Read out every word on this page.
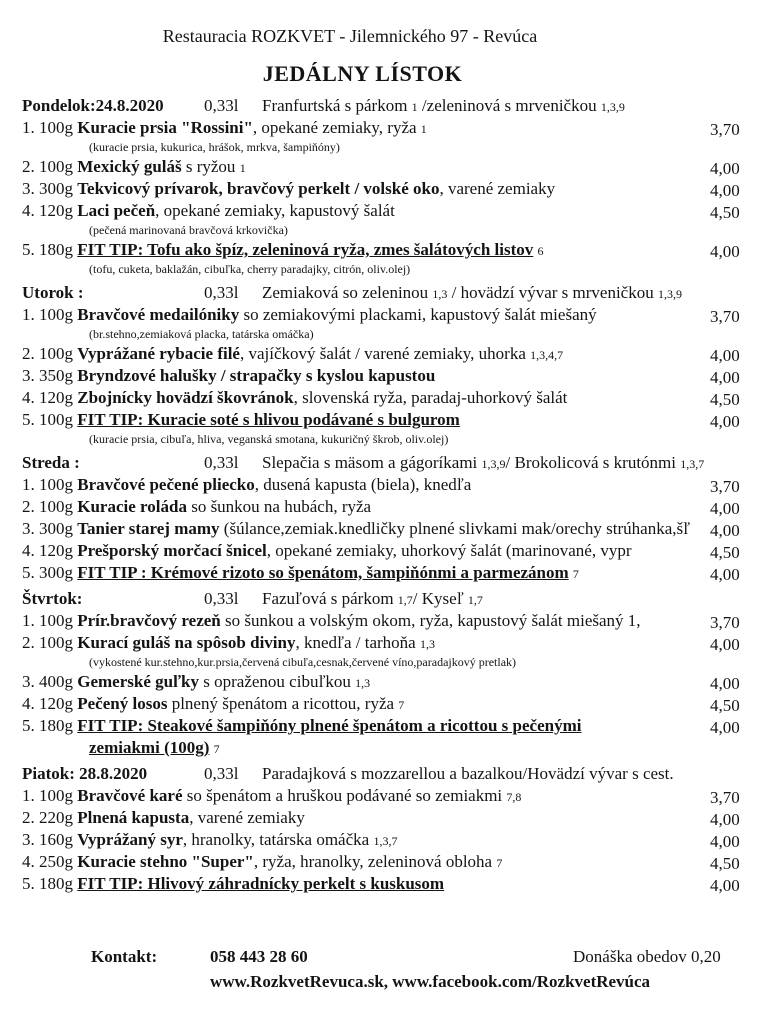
Restauracia ROZKVET - Jilemnického 97 - Revúca
JEDÁLNY LÍSTOK
Pondelok:24.8.2020 0,33l Franfurtská s párkom 1 /zeleninová s mrveničkou 1,3,9
1. 100g Kuracie prsia "Rossini", opekané zemiaky, ryža 1	3,70
(kuracie prsia, kukurica, hrášok, mrkva, šampiňóny)
2. 100g Mexický guláš s ryžou 1	4,00
3. 300g Tekvicový prívarok, bravčový perkelt / volské oko, varené zemiaky	4,00
4. 120g Laci pečeň, opekané zemiaky, kapustový šalát	4,50
(pečená marinovaná bravčová krkovička)
5. 180g FIT TIP: Tofu ako špíz, zeleninová ryža, zmes šalátových listov 6	4,00
(tofu, cuketa, baklažán, cibuľka, cherry paradajky, citrón, oliv.olej)
Utorok :	0,33l Zemiaková so zeleninou 1,3 / hovädzí vývar s mrveničkou 1,3,9
1. 100g Bravčové medailóniky so zemiakovými plackami, kapustový šalát miešaný	3,70
(br.stehno,zemiaková placka, tatárska omáčka)
2. 100g Vyprážané rybacie filé, vajíčkový šalát / varené zemiaky, uhorka 1,3,4,7	4,00
3. 350g Bryndzové halušky / strapačky s kyslou kapustou	4,00
4. 120g Zbojnícky hovädzí škovránok, slovenská ryža, paradaj-uhorkový šalát	4,50
5. 100g FIT TIP: Kuracie soté s hlivou podávané s bulgurom	4,00
(kuracie prsia, cibuľa, hliva, veganská smotana, kukuričný škrob, oliv.olej)
Streda :	0,33l Slepačia s mäsom a gágoríkami 1,3,9/ Brokolicová s krutónmi 1,3,7
1. 100g Bravčové pečené pliecko, dusená kapusta (biela), knedľa	3,70
2. 100g Kuracie roláda so šunkou na hubách, ryža	4,00
3. 300g Tanier starej mamy (šúlance,zemiak.knedličky plnené slivkami mak/orechy strúhanka,šľ	4,00
4. 120g Prešporský morčací šnicel, opekané zemiaky, uhorkový šalát (marinované, vypr	4,50
5. 300g FIT TIP : Krémové rizoto so špenátom, šampiňónmi a parmezánom 7	4,00
Štvrtok:	0,33l Fazuľová s párkom 1,7/ Kyseľ 1,7
1. 100g Prír.bravčový rezeň so šunkou a volským okom, ryža, kapustový šalát miešaný 1,	3,70
2. 100g Kurací guláš na spôsob diviny, knedľa / tarhoňa 1,3	4,00
(vykostené kur.stehno,kur.prsia,červená cibuľa,cesnak,červené víno,paradajkový pretlak)
3. 400g Gemerské guľky s opraženou cibuľkou 1,3	4,00
4. 120g Pečený losos plnený špenátom a ricottou, ryža 7	4,50
5. 180g FIT TIP: Steakové šampiňóny plnené špenátom a ricottou s pečenými	4,00
zemiakmi (100g) 7
Piatok: 28.8.2020	0,33l Paradajková s mozzarellou a bazalkou/Hovädzí vývar s cest.
1. 100g Bravčové karé so špenátom a hruškou podávané so zemiakmi 7,8	3,70
2. 220g Plnená kapusta, varené zemiaky	4,00
3. 160g Vyprážaný syr, hranolky, tatárska omáčka 1,3,7	4,00
4. 250g Kuracie stehno "Super", ryža, hranolky, zeleninová obloha 7	4,50
5. 180g FIT TIP: Hlivový záhradnícky perkelt s kuskusom	4,00
Kontakt:	058 443 28 60	Donáška obedov 0,20
www.RozkvetRevuca.sk, www.facebook.com/RozkvetRevúca
